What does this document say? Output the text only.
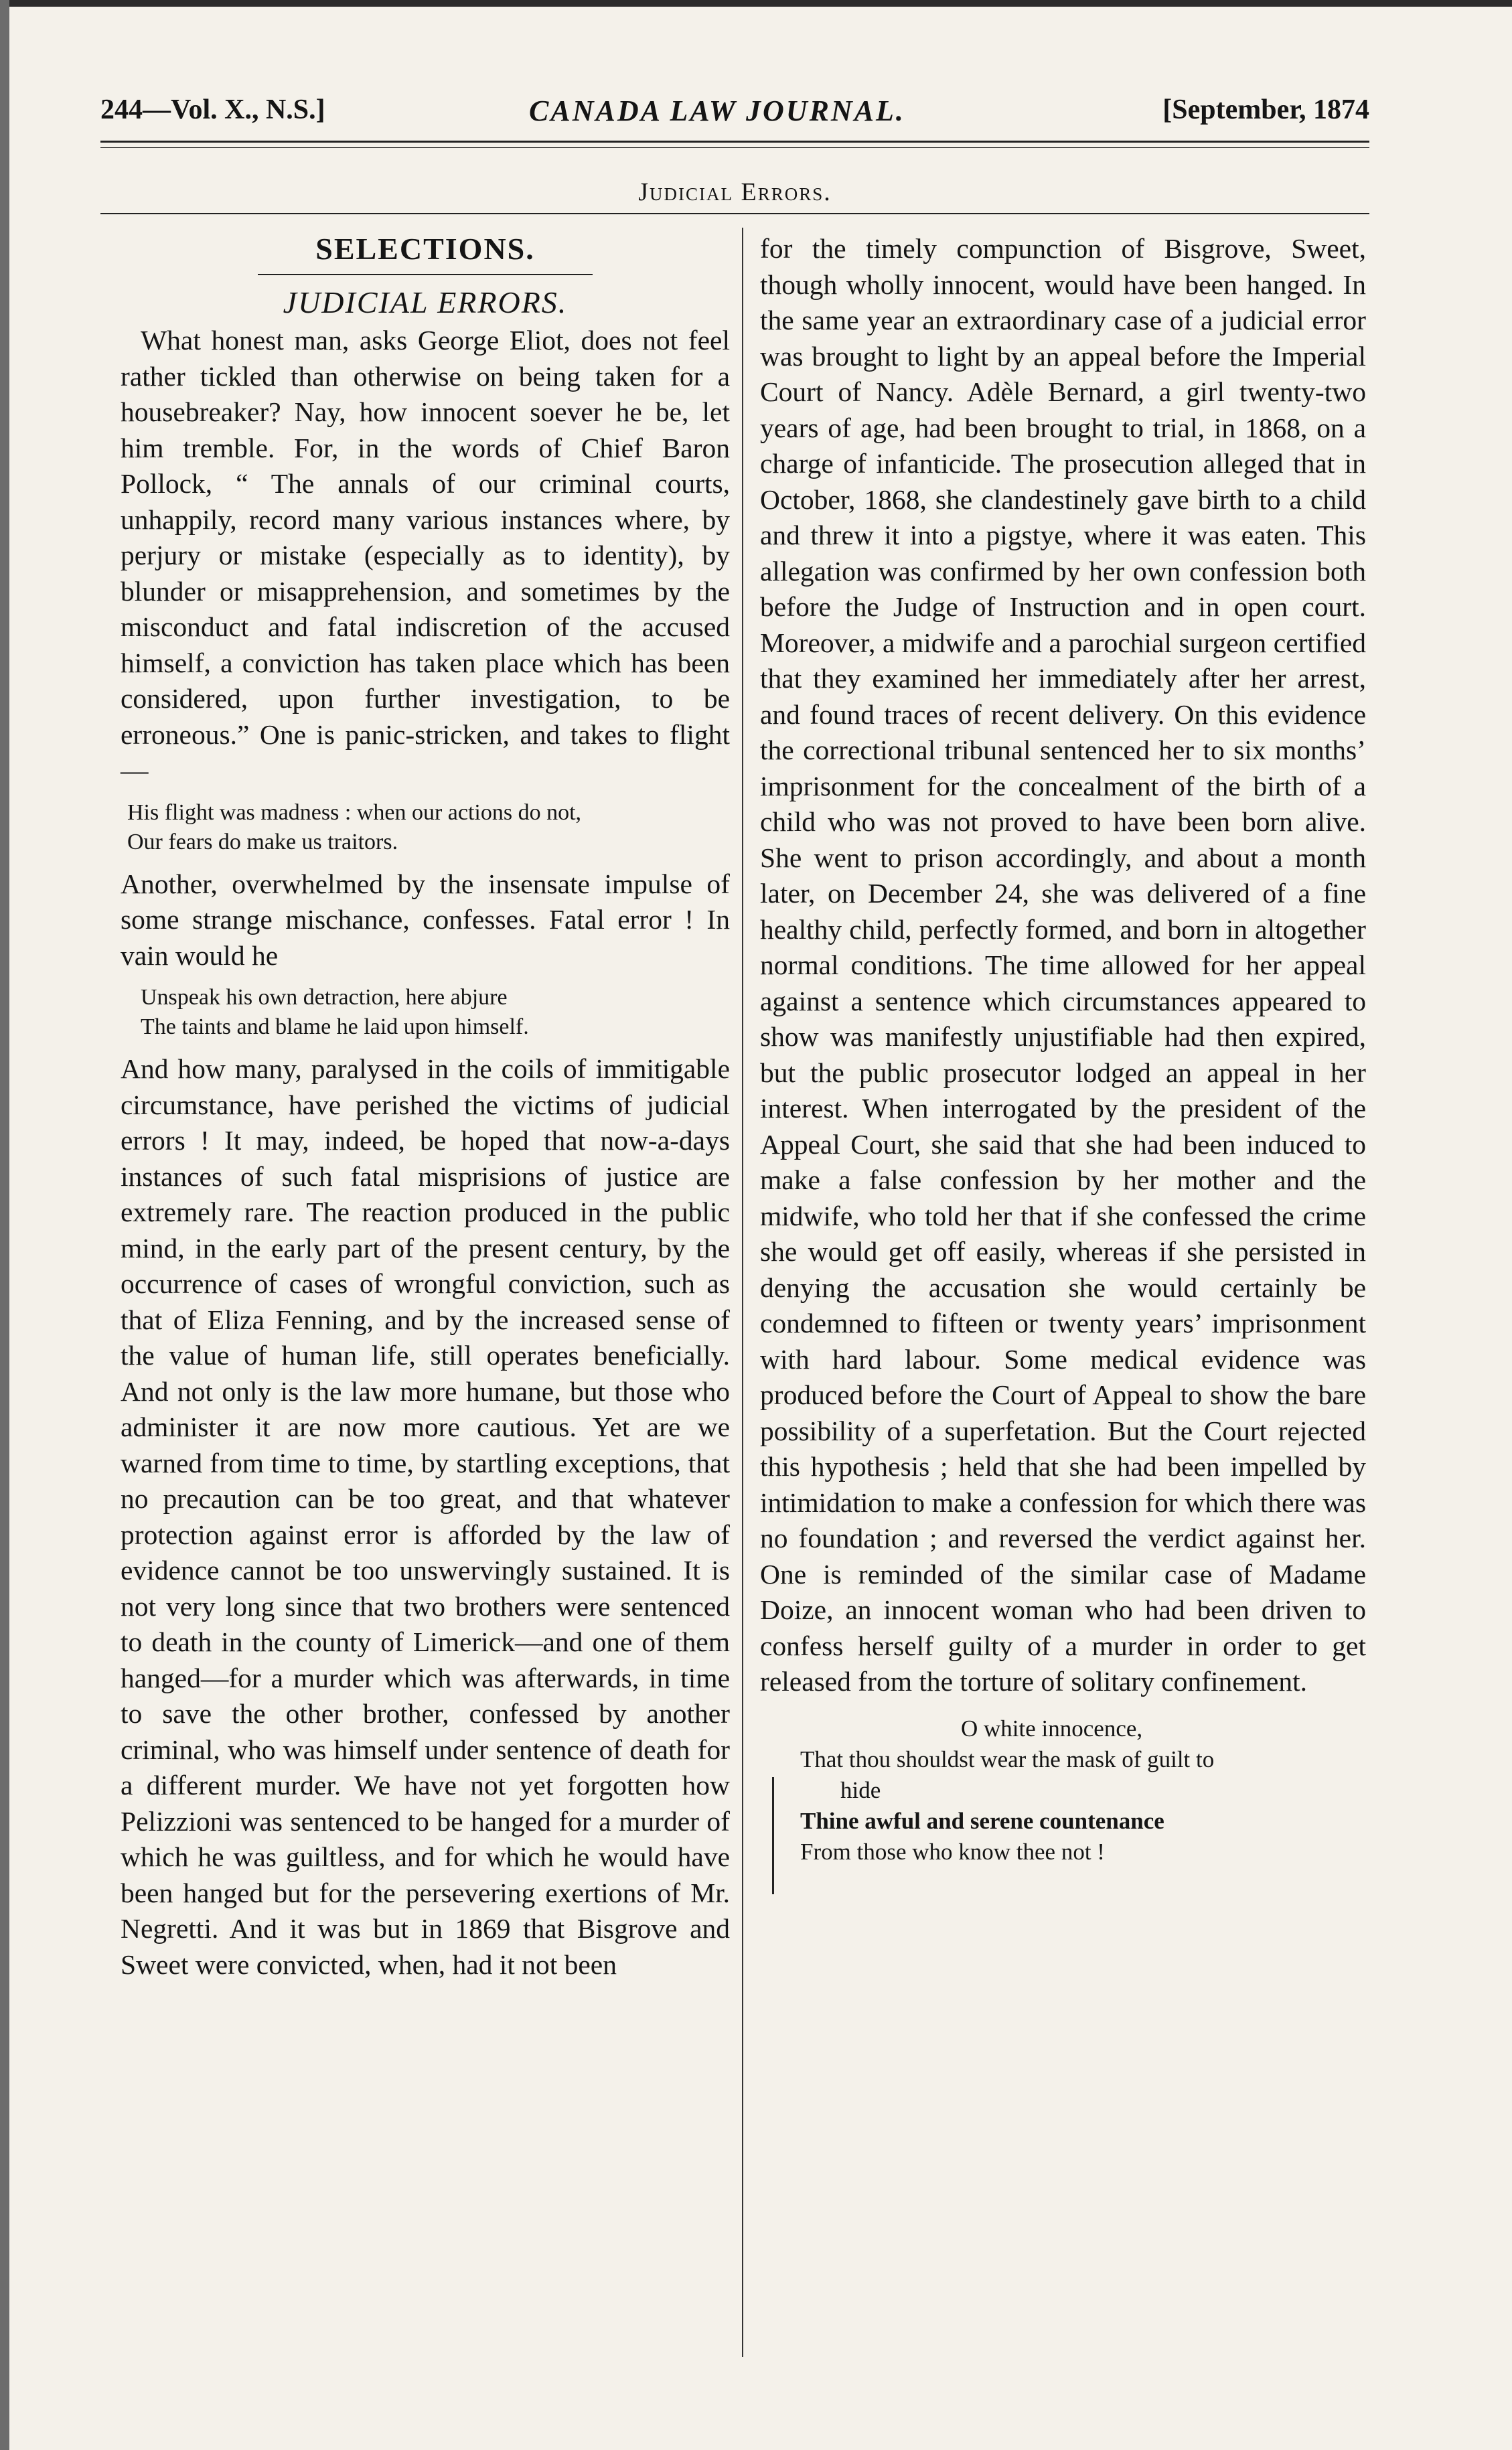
244—Vol. X., N.S.]	CANADA LAW JOURNAL.	[September, 1874
Judicial Errors.
SELECTIONS.
JUDICIAL ERRORS.

What honest man, asks George Eliot, does not feel rather tickled than otherwise on being taken for a housebreaker? Nay, how innocent soever he be, let him tremble. For, in the words of Chief Baron Pollock, “ The annals of our criminal courts, unhappily, record many various instances where, by perjury or mistake (especially as to identity), by blunder or misapprehension, and sometimes by the misconduct and fatal indiscretion of the accused himself, a conviction has taken place which has been considered, upon further investigation, to be erroneous.” One is panic-stricken, and takes to flight—

His flight was madness : when our actions do not,
Our fears do make us traitors.

Another, overwhelmed by the insensate impulse of some strange mischance, confesses. Fatal error ! In vain would he

Unspeak his own detraction, here abjure
The taints and blame he laid upon himself.

And how many, paralysed in the coils of immitigable circumstance, have perished the victims of judicial errors ! It may, indeed, be hoped that now-a-days instances of such fatal misprisions of justice are extremely rare. The reaction produced in the public mind, in the early part of the present century, by the occurrence of cases of wrongful conviction, such as that of Eliza Fenning, and by the increased sense of the value of human life, still operates beneficially. And not only is the law more humane, but those who administer it are now more cautious. Yet are we warned from time to time, by startling exceptions, that no precaution can be too great, and that whatever protection against error is afforded by the law of evidence cannot be too unswervingly sustained. It is not very long since that two brothers were sentenced to death in the county of Limerick—and one of them hanged—for a murder which was afterwards, in time to save the other brother, confessed by another criminal, who was himself under sentence of death for a different murder. We have not yet forgotten how Pelizzioni was sentenced to be hanged for a murder of which he was guiltless, and for which he would have been hanged but for the persevering exertions of Mr. Negretti. And it was but in 1869 that Bisgrove and Sweet were convicted, when, had it not been

for the timely compunction of Bisgrove, Sweet, though wholly innocent, would have been hanged. In the same year an extraordinary case of a judicial error was brought to light by an appeal before the Imperial Court of Nancy. Adèle Bernard, a girl twenty-two years of age, had been brought to trial, in 1868, on a charge of infanticide. The prosecution alleged that in October, 1868, she clandestinely gave birth to a child and threw it into a pigstye, where it was eaten. This allegation was confirmed by her own confession both before the Judge of Instruction and in open court. Moreover, a midwife and a parochial surgeon certified that they examined her immediately after her arrest, and found traces of recent delivery. On this evidence the correctional tribunal sentenced her to six months’ imprisonment for the concealment of the birth of a child who was not proved to have been born alive. She went to prison accordingly, and about a month later, on December 24, she was delivered of a fine healthy child, perfectly formed, and born in altogether normal conditions. The time allowed for her appeal against a sentence which circumstances appeared to show was manifestly unjustifiable had then expired, but the public prosecutor lodged an appeal in her interest. When interrogated by the president of the Appeal Court, she said that she had been induced to make a false confession by her mother and the midwife, who told her that if she confessed the crime she would get off easily, whereas if she persisted in denying the accusation she would certainly be condemned to fifteen or twenty years’ imprisonment with hard labour. Some medical evidence was produced before the Court of Appeal to show the bare possibility of a superfetation. But the Court rejected this hypothesis ; held that she had been impelled by intimidation to make a confession for which there was no foundation ; and reversed the verdict against her. One is reminded of the similar case of Madame Doize, an innocent woman who had been driven to confess herself guilty of a murder in order to get released from the torture of solitary confinement.

O white innocence,
That thou shouldst wear the mask of guilt to
hide
Thine awful and serene countenance
From those who know thee not !
